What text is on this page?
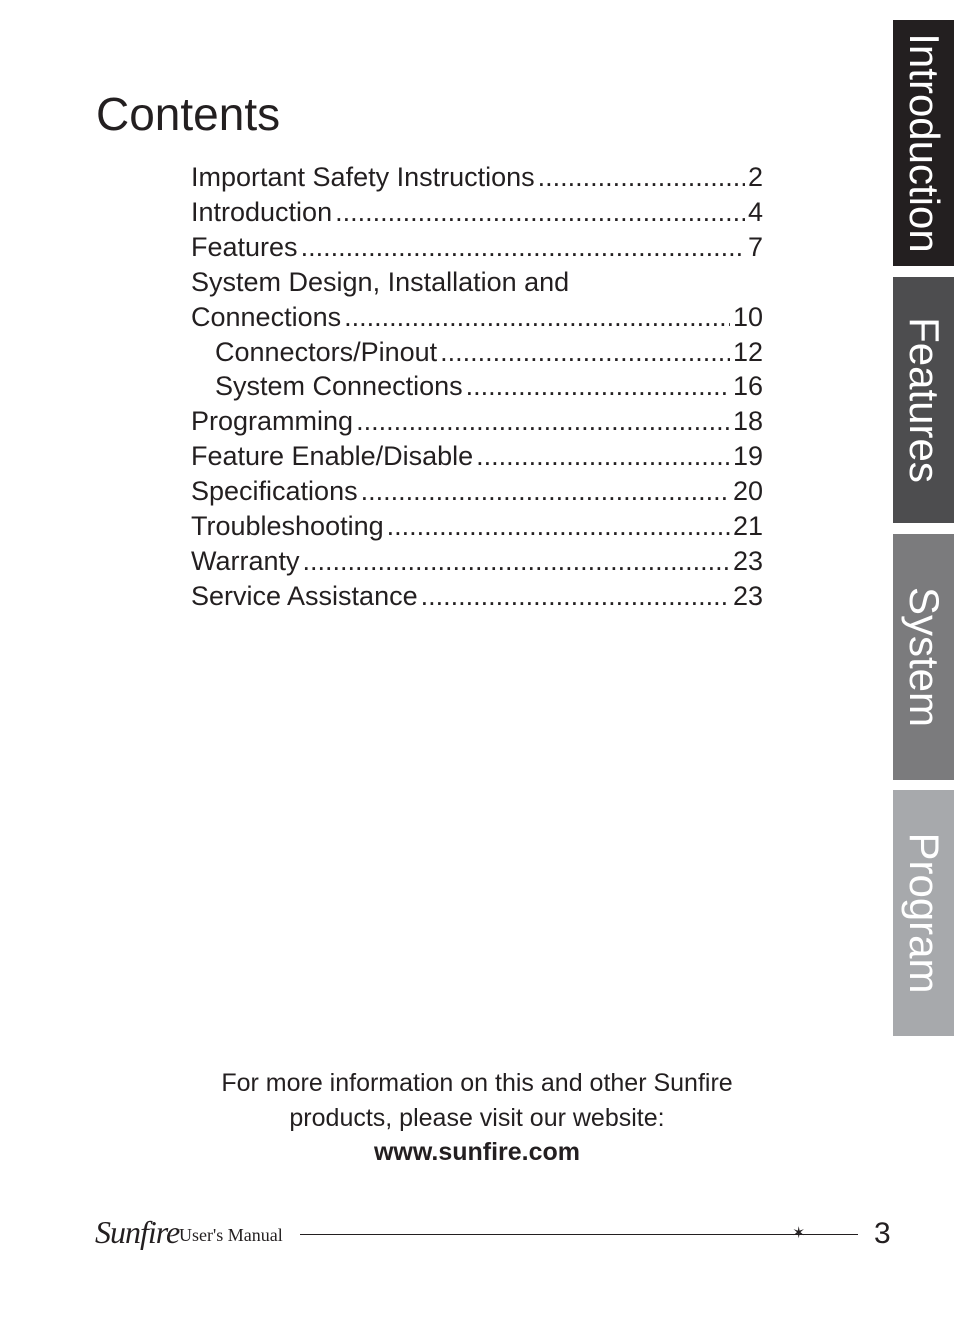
Contents
Important Safety Instructions .....	2
Introduction .....	4
Features .....	7
System Design, Installation and
Connections .....	10
Connectors/Pinout .....	12
System Connections .....	16
Programming .....	18
Feature Enable/Disable .....	19
Specifications .....	20
Troubleshooting .....	21
Warranty .....	23
Service Assistance .....	23
Introduction
Features
System
Program
For more information on this and other Sunfire
products, please visit our website:
www.sunfire.com
Sunfire User's Manual	✶ 3
